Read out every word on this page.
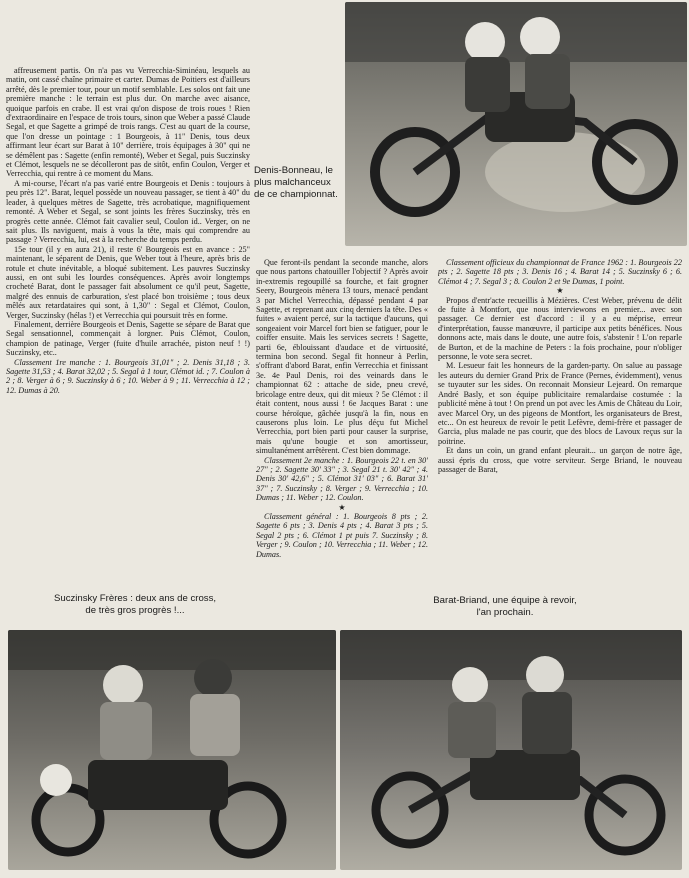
Denis-Bonneau, le
plus malchanceux
de ce championnat.

affreusement partis. On n'a pas vu Verrecchia-Siminéau, lesquels au matin, ont cassé chaîne primaire et carter. Dumas de Poitiers est d'ailleurs arrêté, dès le premier tour, pour un motif semblable. Les solos ont fait une première manche : le terrain est plus dur. On marche avec aisance, quoique parfois en crabe. Il est vrai qu'on dispose de trois roues ! Rien d'extraordinaire en l'espace de trois tours, sinon que Weber a passé Claude Segal, et que Sagette a grimpé de trois rangs. C'est au quart de la course, que l'on dresse un pointage : 1 Bourgeois, à 11" Denis, tous deux affirmant leur écart sur Barat à 10" derrière, trois équipages à 30" qui ne se démêlent pas : Sagette (enfin remonté), Weber et Segal, puis Suczinsky et Clémot, lesquels ne se décolleront pas de sitôt, enfin Coulon, Verger et Verrecchia, qui rentre à ce moment du Mans.

A mi-course, l'écart n'a pas varié entre Bourgeois et Denis : toujours à peu près 12". Barat, lequel possède un nouveau passager, se tient à 40" du leader, à quelques mètres de Sagette, très acrobatique, magnifiquement remonté. A Weber et Segal, se sont joints les frères Suczinsky, très en progrès cette année. Clémot fait cavalier seul, Coulon id.. Verger, on ne sait plus. Ils naviguent, mais à vous la tête, mais qui comprendre au passage ? Verrecchia, lui, est à la recherche du temps perdu.

15e tour (il y en aura 21), il reste 6' Bourgeois est en avance : 25" maintenant, le séparent de Denis, que Weber tout à l'heure, après bris de rotule et chute inévitable, a bloqué subitement. Les pauvres Suczinsky aussi, en ont subi les lourdes conséquences. Après avoir longtemps crocheté Barat, dont le passager fait absolument ce qu'il peut, Sagette, malgré des ennuis de carburation, s'est placé bon troisième ; tous deux mêlés aux retardataires qui sont, à 1,30" : Segal et Clémot, Coulon, Verger, Suczinsky (hélas !) et Verrecchia qui poursuit très en forme.

Finalement, derrière Bourgeois et Denis, Sagette se sépare de Barat que Segal sensationnel, commençait à lorgner. Puis Clémot, Coulon, champion de patinage, Verger (fuite d'huile arrachée, piston neuf ! !) Suczinsky, etc..

Classement 1re manche : 1. Bourgeois 31,01" ; 2. Denis 31,18 ; 3. Sagette 31,53 ; 4. Barat 32,02 ; 5. Segal à 1 tour, Clémot id. ; 7. Coulon à 2 ; 8. Verger à 6 ; 9. Suczinsky à 6 ; 10. Weber à 9 ; 11. Verrecchia à 12 ; 12. Dumas à 20.

Que feront-ils pendant la seconde manche, alors que nous partons chatouiller l'objectif ? Après avoir in-extremis regoupillé sa fourche, et fait grogner Seery, Bourgeois mènera 13 tours, menacé pendant 3 par Michel Verrecchia, dépassé pendant 4 par Sagette, et reprenant aux cinq derniers la tête. Des « fuites » avaient percé, sur la tactique d'aucuns, qui songeaient voir Marcel fort bien se fatiguer, pour le coiffer ensuite. Mais les services secrets ! Sagette, parti 6e, éblouissant d'audace et de virtuosité, termina bon second. Segal fit honneur à Perlin, s'offrant d'abord Barat, enfin Verrecchia et finissant 3e. 4e Paul Denis, roi des veinards dans le championnat 62 : attache de side, pneu crevé, bricolage entre deux, qui dit mieux ? 5e Clémot : il était content, nous aussi ! 6e Jacques Barat : une course héroïque, gâchée jusqu'à la fin, nous en causerons plus loin. Le plus déçu fut Michel Verrecchia, port bien parti pour causer la surprise, mais qu'une bougie et son amortisseur, simultanément arrêtèrent. C'est bien dommage.

Classement 2e manche : 1. Bourgeois 22 t. en 30' 27" ; 2. Sagette 30' 33" ; 3. Segal 21 t. 30' 42" ; 4. Denis 30' 42,6" ; 5. Clémot 31' 03" ; 6. Barat 31' 37" ; 7. Suczinsky ; 8. Verger ; 9. Verrecchia ; 10. Dumas ; 11. Weber ; 12. Coulon.

★

Classement général : 1. Bourgeois 8 pts ; 2. Sagette 6 pts ; 3. Denis 4 pts ; 4. Barat 3 pts ; 5. Segal 2 pts ; 6. Clémot 1 pt puis 7. Suczinsky ; 8. Verger ; 9. Coulon ; 10. Verrecchia ; 11. Weber ; 12. Dumas.

Classement officieux du championnat de France 1962 : 1. Bourgeois 22 pts ; 2. Sagette 18 pts ; 3. Denis 16 ; 4. Barat 14 ; 5. Suczinsky 6 ; 6. Clémot 4 ; 7. Segal 3 ; 8. Coulon 2 et 9e Dumas, 1 point.

★

Propos d'entr'acte recueillis à Mézières. C'est Weber, prévenu de délit de fuite à Montfort, que nous interviewons en premier... avec son passager. Ce dernier est d'accord : il y a eu méprise, erreur d'interprétation, fausse manœuvre, il participe aux petits bénéfices. Nous donnons acte, mais dans le doute, une autre fois, s'abstenir ! L'on reparle de Burton, et de la machine de Peters : la fois prochaine, pour n'obliger personne, le vote sera secret.

M. Lesueur fait les honneurs de la garden-party. On salue au passage les auteurs du dernier Grand Prix de France (Pernes, évidemment), venus se tuyauter sur les sides. On reconnait Monsieur Lejeard. On remarque André Basly, et son équipe publicitaire remalardaise costumée : la publicité mène à tout ! On prend un pot avec les Amis de Château du Loir, avec Marcel Ory, un des pigeons de Montfort, les organisateurs de Brest, etc... On est heureux de revoir le petit Lefèvre, demi-frère et passager de Garcia, plus malade ne pas courir, que des blocs de Lavoux reçus sur la poitrine.

Et dans un coin, un grand enfant pleurait... un garçon de notre âge, aussi épris du cross, que votre serviteur. Serge Briand, le nouveau passager de Barat,

Suczinsky Frères : deux ans de cross,
de très gros progrès !...
Barat-Briand, une équipe à revoir,
l'an prochain.
